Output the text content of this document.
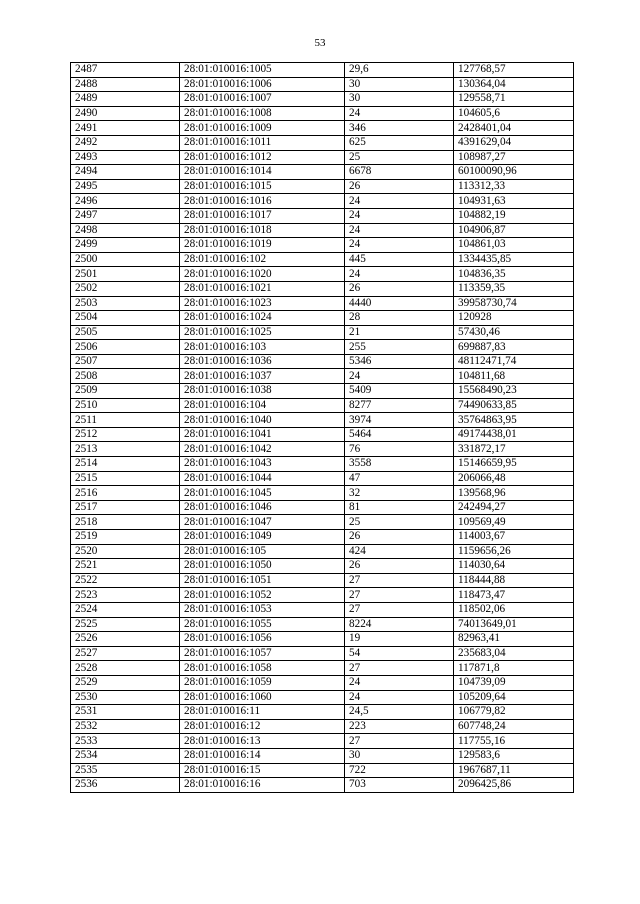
53
2487	28:01:010016:1005	29,6	127768,57
2488	28:01:010016:1006	30	130364,04
2489	28:01:010016:1007	30	129558,71
2490	28:01:010016:1008	24	104605,6
2491	28:01:010016:1009	346	2428401,04
2492	28:01:010016:1011	625	4391629,04
2493	28:01:010016:1012	25	108987,27
2494	28:01:010016:1014	6678	60100090,96
2495	28:01:010016:1015	26	113312,33
2496	28:01:010016:1016	24	104931,63
2497	28:01:010016:1017	24	104882,19
2498	28:01:010016:1018	24	104906,87
2499	28:01:010016:1019	24	104861,03
2500	28:01:010016:102	445	1334435,85
2501	28:01:010016:1020	24	104836,35
2502	28:01:010016:1021	26	113359,35
2503	28:01:010016:1023	4440	39958730,74
2504	28:01:010016:1024	28	120928
2505	28:01:010016:1025	21	57430,46
2506	28:01:010016:103	255	699887,83
2507	28:01:010016:1036	5346	48112471,74
2508	28:01:010016:1037	24	104811,68
2509	28:01:010016:1038	5409	15568490,23
2510	28:01:010016:104	8277	74490633,85
2511	28:01:010016:1040	3974	35764863,95
2512	28:01:010016:1041	5464	49174438,01
2513	28:01:010016:1042	76	331872,17
2514	28:01:010016:1043	3558	15146659,95
2515	28:01:010016:1044	47	206066,48
2516	28:01:010016:1045	32	139568,96
2517	28:01:010016:1046	81	242494,27
2518	28:01:010016:1047	25	109569,49
2519	28:01:010016:1049	26	114003,67
2520	28:01:010016:105	424	1159656,26
2521	28:01:010016:1050	26	114030,64
2522	28:01:010016:1051	27	118444,88
2523	28:01:010016:1052	27	118473,47
2524	28:01:010016:1053	27	118502,06
2525	28:01:010016:1055	8224	74013649,01
2526	28:01:010016:1056	19	82963,41
2527	28:01:010016:1057	54	235683,04
2528	28:01:010016:1058	27	117871,8
2529	28:01:010016:1059	24	104739,09
2530	28:01:010016:1060	24	105209,64
2531	28:01:010016:11	24,5	106779,82
2532	28:01:010016:12	223	607748,24
2533	28:01:010016:13	27	117755,16
2534	28:01:010016:14	30	129583,6
2535	28:01:010016:15	722	1967687,11
2536	28:01:010016:16	703	2096425,86
